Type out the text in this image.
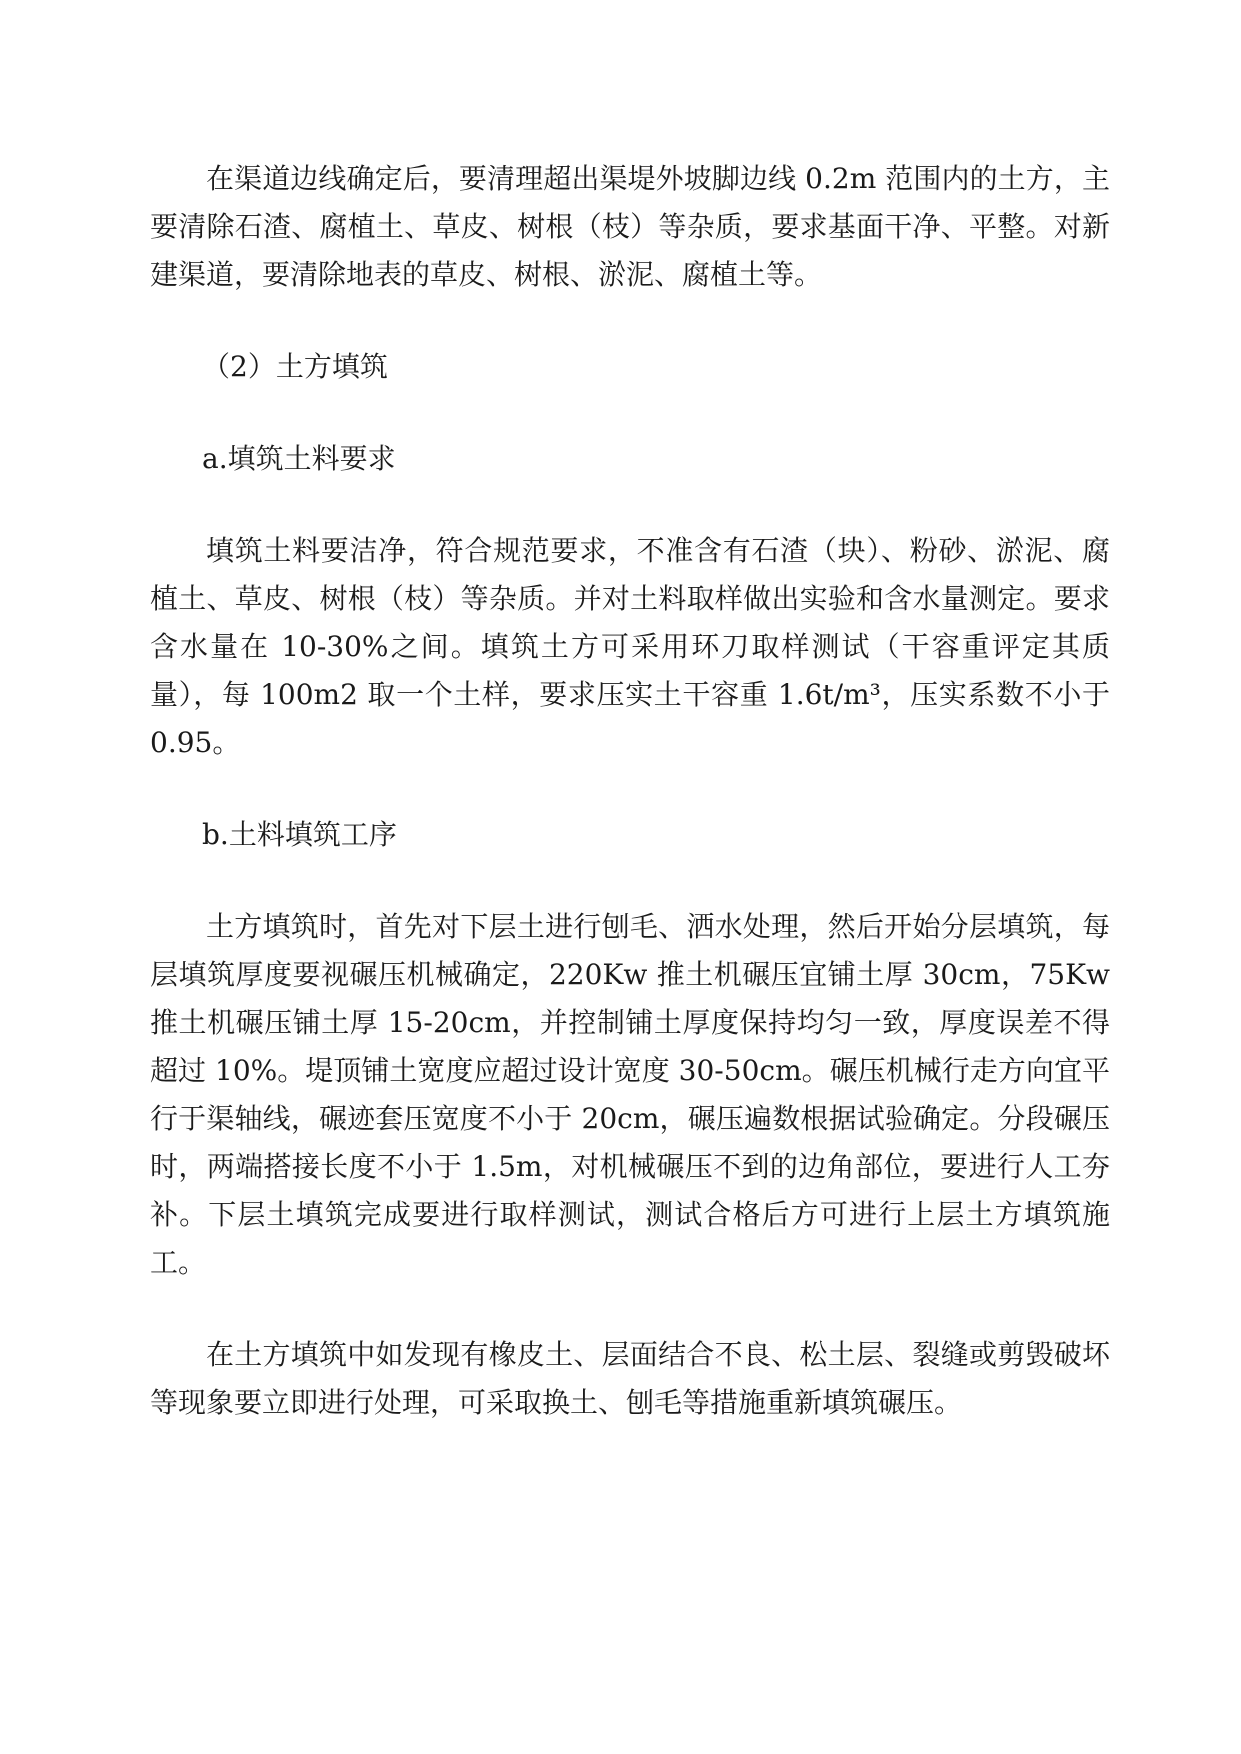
在渠道边线确定后，要清理超出渠堤外坡脚边线 0.2m 范围内的土方，主要清除石渣、腐植土、草皮、树根（枝）等杂质，要求基面干净、平整。对新建渠道，要清除地表的草皮、树根、淤泥、腐植土等。

（2）土方填筑

a.填筑土料要求

填筑土料要洁净，符合规范要求，不准含有石渣（块）、粉砂、淤泥、腐植土、草皮、树根（枝）等杂质。并对土料取样做出实验和含水量测定。要求含水量在 10-30%之间。填筑土方可采用环刀取样测试（干容重评定其质量），每 100m2 取一个土样，要求压实土干容重 1.6t/m³，压实系数不小于 0.95。

b.土料填筑工序

土方填筑时，首先对下层土进行刨毛、洒水处理，然后开始分层填筑，每层填筑厚度要视碾压机械确定，220Kw 推土机碾压宜铺土厚 30cm，75Kw 推土机碾压铺土厚 15-20cm，并控制铺土厚度保持均匀一致，厚度误差不得超过 10%。堤顶铺土宽度应超过设计宽度 30-50cm。碾压机械行走方向宜平行于渠轴线，碾迹套压宽度不小于 20cm，碾压遍数根据试验确定。分段碾压时，两端搭接长度不小于 1.5m，对机械碾压不到的边角部位，要进行人工夯补。下层土填筑完成要进行取样测试，测试合格后方可进行上层土方填筑施工。

在土方填筑中如发现有橡皮土、层面结合不良、松土层、裂缝或剪毁破坏等现象要立即进行处理，可采取换土、刨毛等措施重新填筑碾压。
